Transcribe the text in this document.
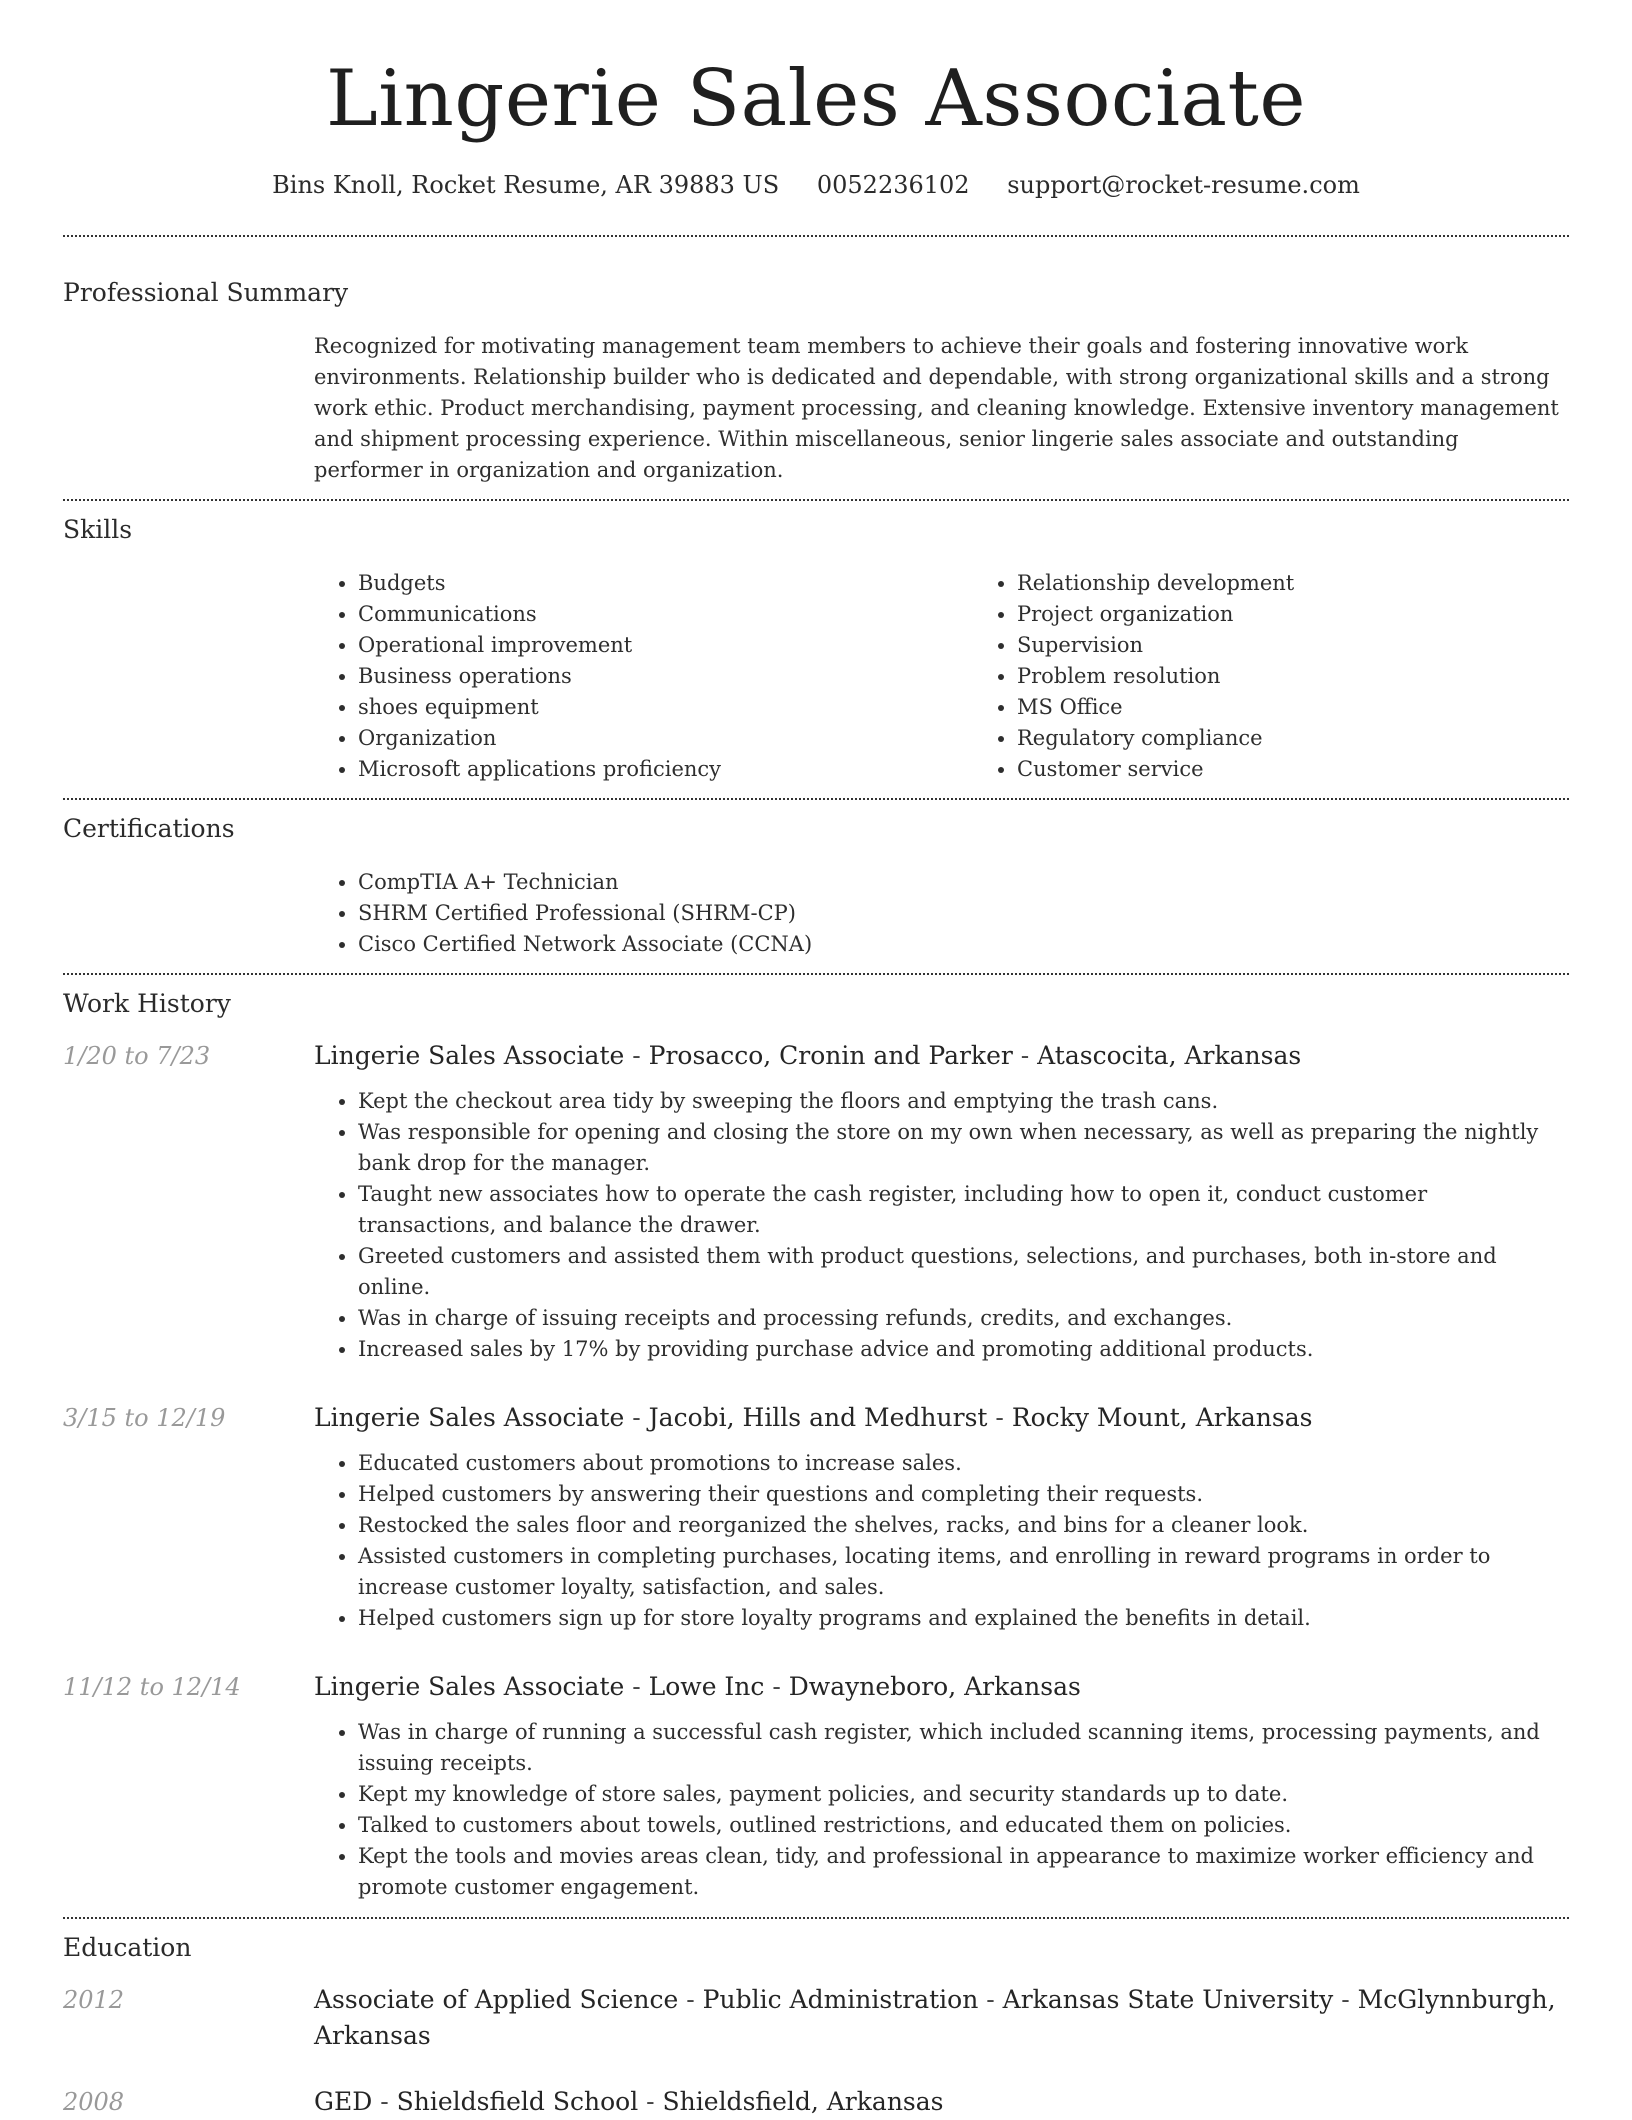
Lingerie Sales Associate
Bins Knoll, Rocket Resume, AR 39883 US 0052236102 support@rocket-resume.com
Professional Summary
Recognized for motivating management team members to achieve their goals and fostering innovative work environments. Relationship builder who is dedicated and dependable, with strong organizational skills and a strong work ethic. Product merchandising, payment processing, and cleaning knowledge. Extensive inventory management and shipment processing experience. Within miscellaneous, senior lingerie sales associate and outstanding performer in organization and organization.
Skills
• Budgets
• Communications
• Operational improvement
• Business operations
• shoes equipment
• Organization
• Microsoft applications proficiency
• Relationship development
• Project organization
• Supervision
• Problem resolution
• MS Office
• Regulatory compliance
• Customer service
Certifications
• CompTIA A+ Technician
• SHRM Certified Professional (SHRM-CP)
• Cisco Certified Network Associate (CCNA)
Work History
1/20 to 7/23	Lingerie Sales Associate - Prosacco, Cronin and Parker - Atascocita, Arkansas
• Kept the checkout area tidy by sweeping the floors and emptying the trash cans.
• Was responsible for opening and closing the store on my own when necessary, as well as preparing the nightly bank drop for the manager.
• Taught new associates how to operate the cash register, including how to open it, conduct customer transactions, and balance the drawer.
• Greeted customers and assisted them with product questions, selections, and purchases, both in-store and online.
• Was in charge of issuing receipts and processing refunds, credits, and exchanges.
• Increased sales by 17% by providing purchase advice and promoting additional products.
3/15 to 12/19	Lingerie Sales Associate - Jacobi, Hills and Medhurst - Rocky Mount, Arkansas
• Educated customers about promotions to increase sales.
• Helped customers by answering their questions and completing their requests.
• Restocked the sales floor and reorganized the shelves, racks, and bins for a cleaner look.
• Assisted customers in completing purchases, locating items, and enrolling in reward programs in order to increase customer loyalty, satisfaction, and sales.
• Helped customers sign up for store loyalty programs and explained the benefits in detail.
11/12 to 12/14	Lingerie Sales Associate - Lowe Inc - Dwayneboro, Arkansas
• Was in charge of running a successful cash register, which included scanning items, processing payments, and issuing receipts.
• Kept my knowledge of store sales, payment policies, and security standards up to date.
• Talked to customers about towels, outlined restrictions, and educated them on policies.
• Kept the tools and movies areas clean, tidy, and professional in appearance to maximize worker efficiency and promote customer engagement.
Education
2012	Associate of Applied Science - Public Administration - Arkansas State University - McGlynnburgh, Arkansas
2008	GED - Shieldsfield School - Shieldsfield, Arkansas
